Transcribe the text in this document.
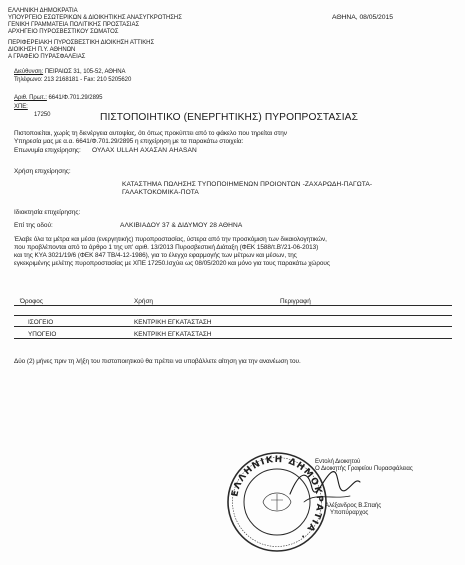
ΕΛΛΗΝΙΚΗ ΔΗΜΟΚΡΑΤΙΑ
ΥΠΟΥΡΓΕΙΟ ΕΣΩΤΕΡΙΚΩΝ & ΔΙΟΙΚΗΤΙΚΗΣ ΑΝΑΣΥΓΚΡΟΤΗΣΗΣ
ΓΕΝΙΚΗ ΓΡΑΜΜΑΤΕΙΑ ΠΟΛΙΤΙΚΗΣ ΠΡΟΣΤΑΣΙΑΣ
ΑΡΧΗΓΕΙΟ ΠΥΡΟΣΒΕΣΤΙΚΟΥ ΣΩΜΑΤΟΣ
ΠΕΡΙΦΕΡΕΙΑΚΗ ΠΥΡΟΣΒΕΣΤΙΚΗ ΔΙΟΙΚΗΣΗ ΑΤΤΙΚΗΣ
ΔΙΟΙΚΗΣΗ Π.Υ. ΑΘΗΝΩΝ
Α ΓΡΑΦΕΙΟ ΠΥΡΑΣΦΑΛΕΙΑΣ
ΑΘΗΝΑ, 08/05/2015
Διεύθυνση: ΠΕΙΡΑΙΩΣ 31, 105-52, ΑΘΗΝΑ
Τηλέφωνο: 213 2168181 - Fax: 210 5205620
Αριθ. Πρωτ.: 6641/Φ.701.29/2895
ΧΠΕ:
17250	ΠΙΣΤΟΠΟΙΗΤΙΚΟ (ΕΝΕΡΓΗΤΙΚΗΣ) ΠΥΡΟΠΡΟΣΤΑΣΙΑΣ
Πιστοποιείται, χωρίς τη διενέργεια αυτοψίας, ότι όπως προκύπτει από το φάκελο που τηρείται στην
Υπηρεσία μας με α.α. 6641/Φ.701.29/2895 η επιχείρηση με τα παρακάτω στοιχεία:
Επωνυμία επιχείρησης: ΟΥΛΑΧ ULLAH ΑΧΑΣΑΝ AHASAN
Χρήση επιχείρησης:
ΚΑΤΑΣΤΗΜΑ ΠΩΛΗΣΗΣ ΤΥΠΟΠΟΙΗΜΕΝΩΝ ΠΡΟΙΟΝΤΩΝ -ΖΑΧΑΡΩΔΗ-ΠΑΓΩΤΑ-
ΓΑΛΑΚΤΟΚΟΜΙΚΑ-ΠΟΤΑ
Ιδιοκτησία επιχείρησης:
Επί της οδού:	ΑΛΚΙΒΙΑΔΟΥ 37 & ΔΙΔΥΜΟΥ 28 ΑΘΗΝΑ
Έλαβε όλα τα μέτρα και μέσα (ενεργητικής) πυροπροστασίας, ύστερα από την προσκόμιση των δικαιολογητικών,
που προβλέπονται από το άρθρο 1 της υπ' αριθ. 13/2013 Πυροσβεστική Διάταξη (ΦΕΚ 1588/τ.Β'/21-06-2013)
και της ΚΥΑ 3021/19/6 (ΦΕΚ 847 ΤΒ/4-12-1986), για το έλεγχο εφαρμογής των μέτρων και μέσων, της
εγκεκριμένης μελέτης πυροπροστασίας με ΧΠΕ 17250.Ισχύει ως 08/05/2020 και μόνο για τους παρακάτω χώρους
Όροφος	Χρήση	Περιγραφή
ΙΣΟΓΕΙΟ	ΚΕΝΤΡΙΚΗ ΕΓΚΑΤΑΣΤΑΣΗ
ΥΠΟΓΕΙΟ	ΚΕΝΤΡΙΚΗ ΕΓΚΑΤΑΣΤΑΣΗ
Δύο (2) μήνες πριν τη λήξη του πιστοποιητικού θα πρέπει να υποβάλλετε αίτηση για την ανανέωση του.
ΕΛΛΗΝΙΚΗ ΔΗΜΟΚΡΑΤΙΑ ·
Εντολή Διοικητού
Ο Διοικητής Γραφείου Πυρασφάλειας
Αλέξανδρος Β.Σπαής
Υποπύραρχος
